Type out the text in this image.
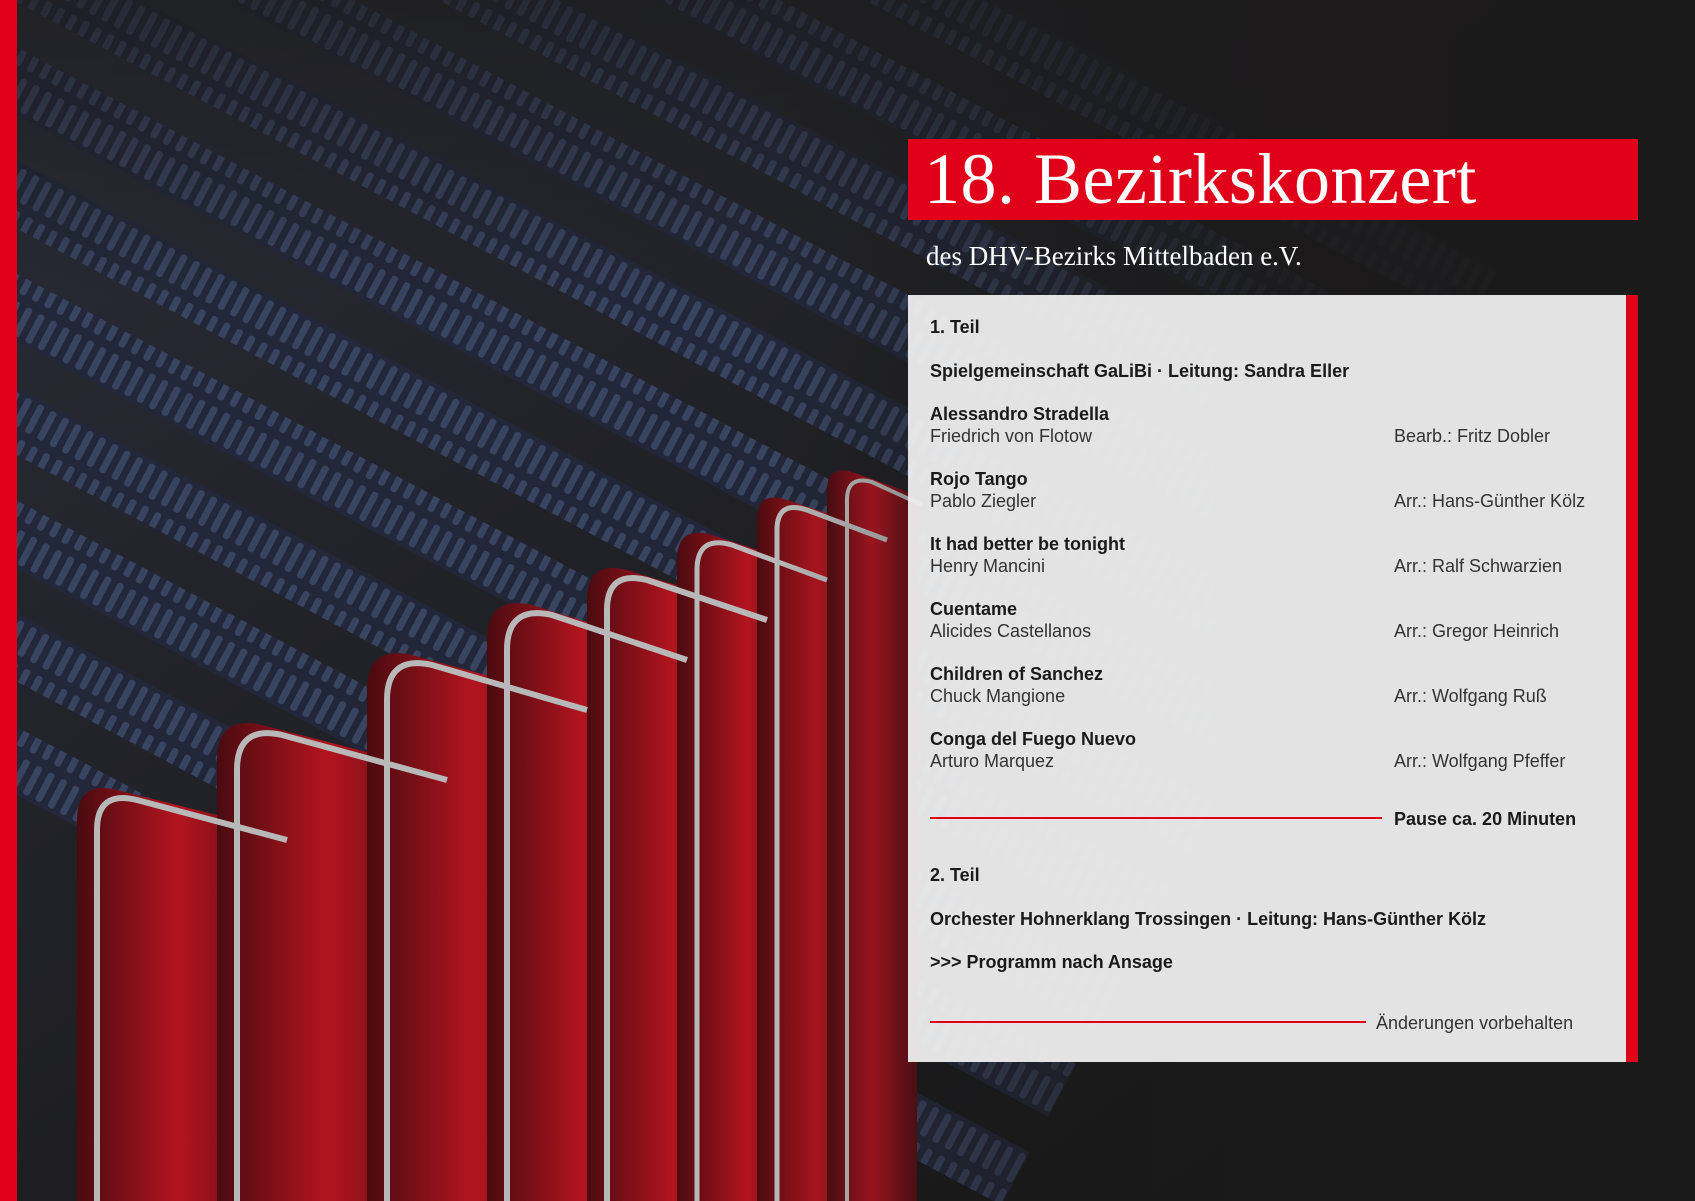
18. Bezirkskonzert
des DHV-Bezirks Mittelbaden e.V.
1. Teil
Spielgemeinschaft GaLiBi · Leitung: Sandra Eller
Alessandro Stradella
Friedrich von Flotow	Bearb.: Fritz Dobler
Rojo Tango
Pablo Ziegler	Arr.: Hans-Günther Kölz
It had better be tonight
Henry Mancini	Arr.: Ralf Schwarzien
Cuentame
Alicides Castellanos	Arr.: Gregor Heinrich
Children of Sanchez
Chuck Mangione	Arr.: Wolfgang Ruß
Conga del Fuego Nuevo
Arturo Marquez	Arr.: Wolfgang Pfeffer
Pause ca. 20 Minuten
2. Teil
Orchester Hohnerklang Trossingen · Leitung: Hans-Günther Kölz
>>> Programm nach Ansage
Änderungen vorbehalten
